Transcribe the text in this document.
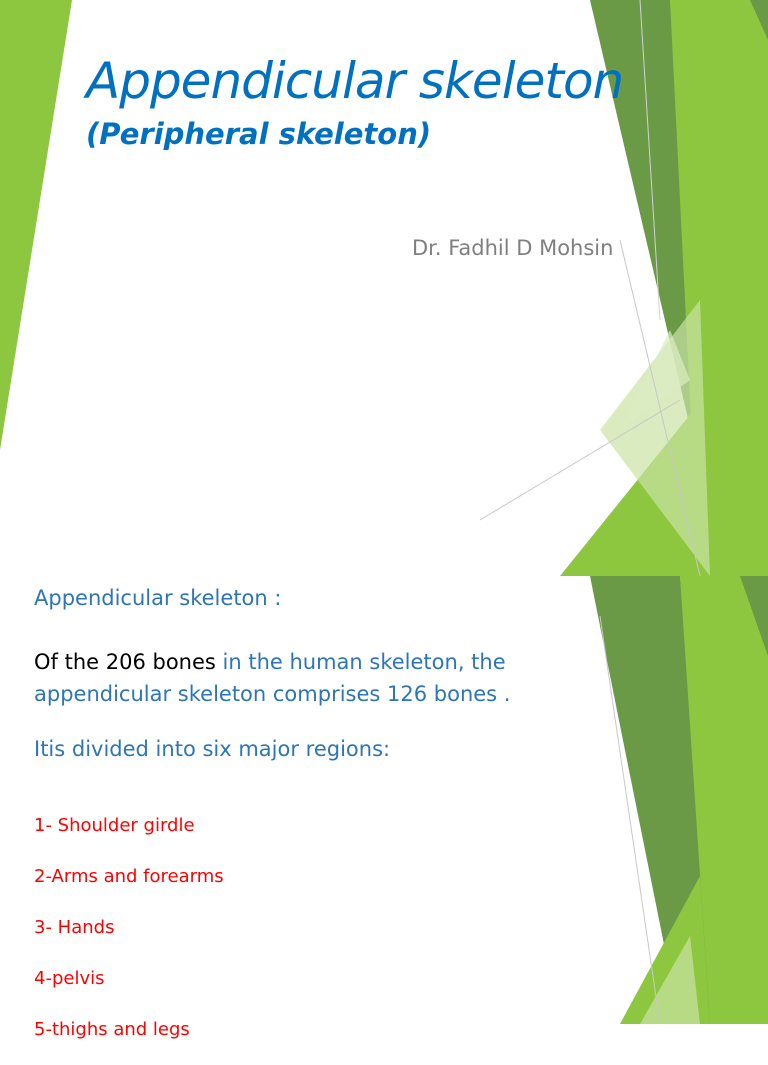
Appendicular skeleton
(Peripheral skeleton)

Dr. Fadhil D Mohsin

Appendicular skeleton :

Of the 206 bones in the human skeleton, the appendicular skeleton comprises 126 bones .

Itis divided into six major regions:

1- Shoulder girdle
2-Arms and forearms
3- Hands
4-pelvis
5-thighs and legs
